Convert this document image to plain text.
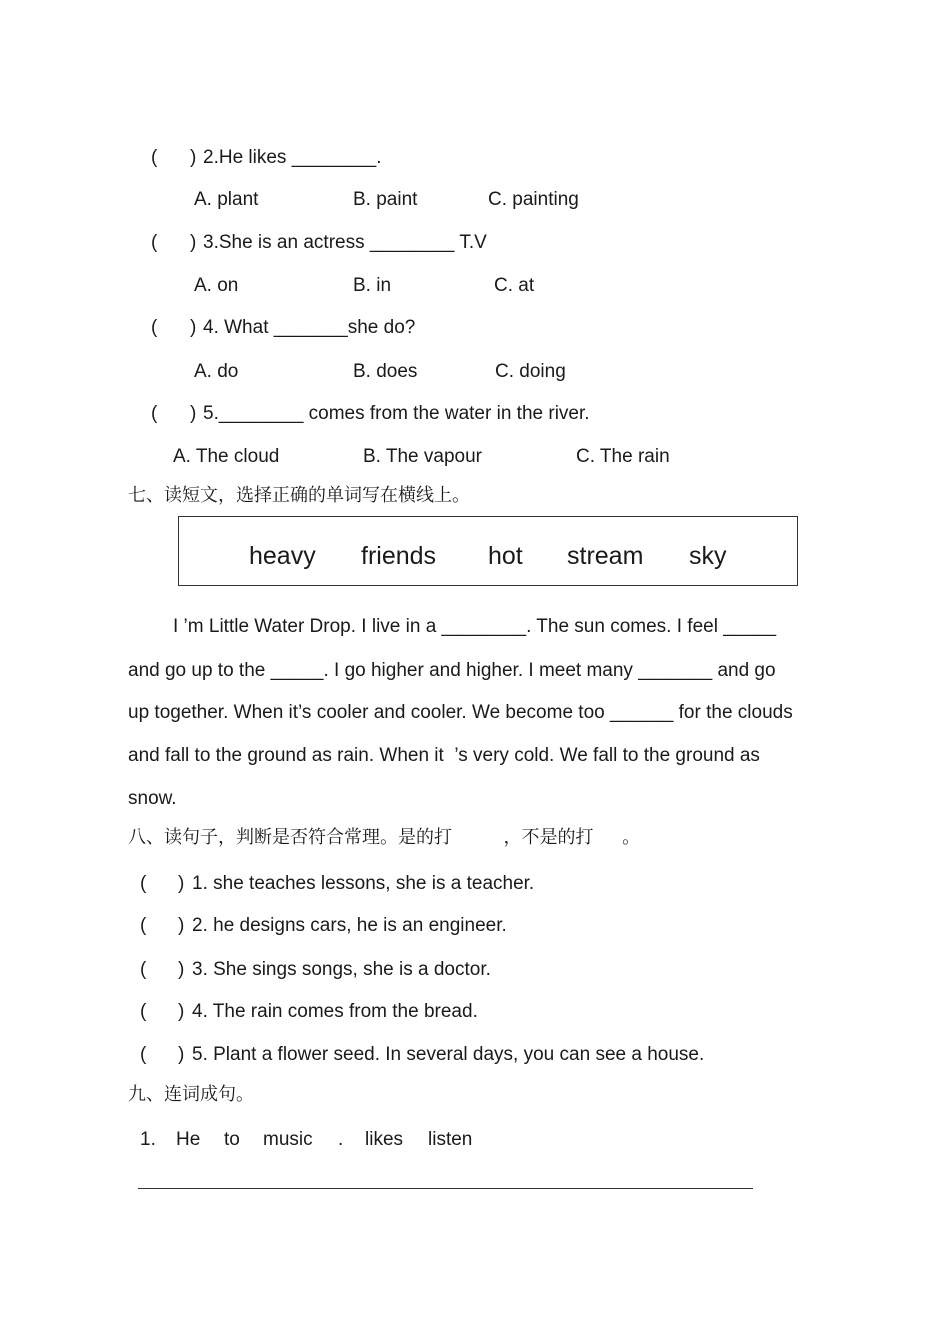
( ) 2.He likes ________.
A. plant	B. paint	C. painting
( ) 3.She is an actress ________ T.V
A. on	B. in	C. at
( ) 4. What _______she do?
A. do	B. does	C. doing
( ) 5.________ comes from the water in the river.
A. The cloud	B. The vapour	C. The rain
七、读短文，选择正确的单词写在横线上。
heavy friends hot stream sky
I ’m Little Water Drop. I live in a ________. The sun comes. I feel _____
and go up to the _____. I go higher and higher. I meet many _______ and go
up together. When it’s cooler and cooler. We become too ______ for the clouds
and fall to the ground as rain. When it  ’s very cold. We fall to the ground as
snow.
八、读句子，判断是否符合常理。是的打         ，不是的打     。
( ) 1. she teaches lessons, she is a teacher.
( ) 2. he designs cars, he is an engineer.
( ) 3. She sings songs, she is a doctor.
( ) 4. The rain comes from the bread.
( ) 5. Plant a flower seed. In several days, you can see a house.
九、连词成句。
1. He to music . likes listen
